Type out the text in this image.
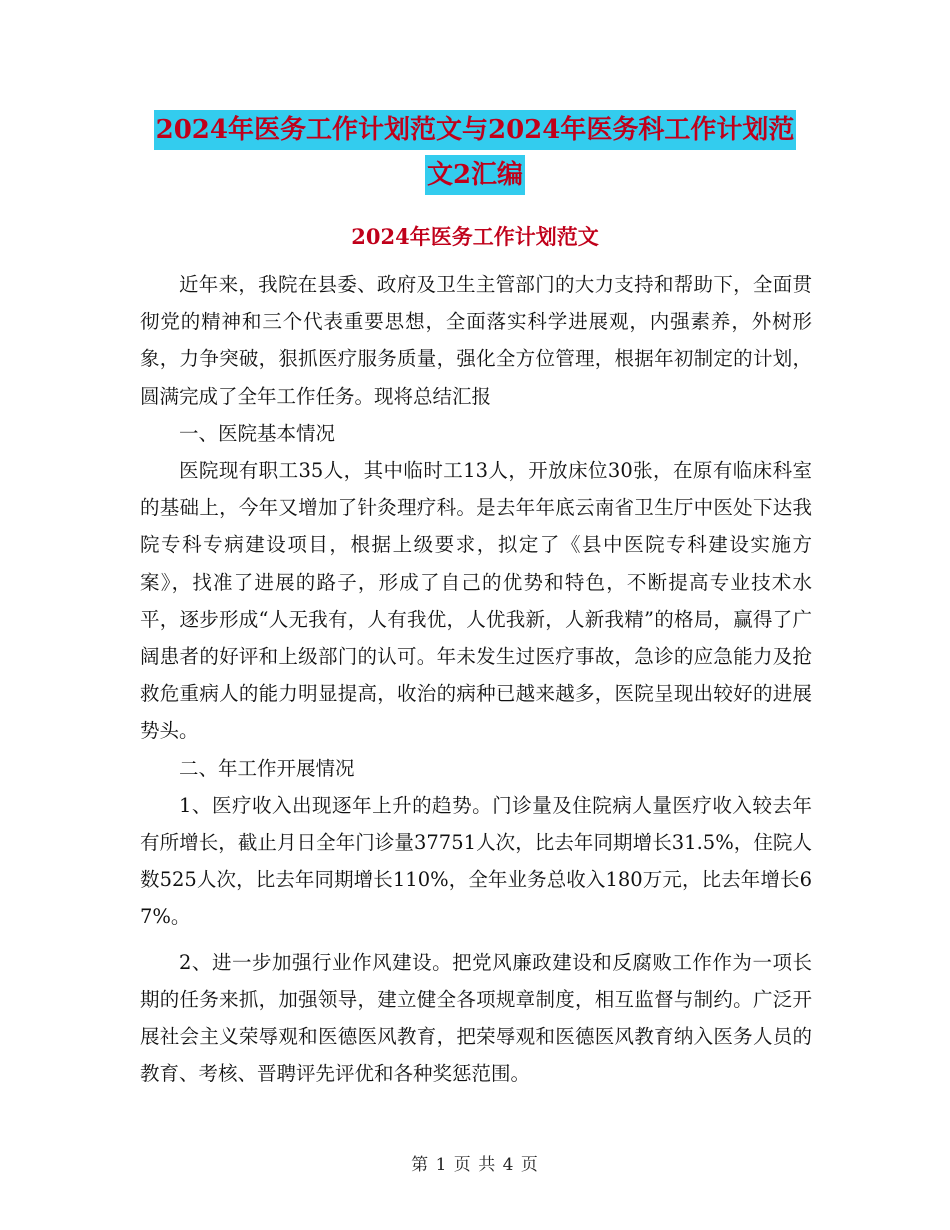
2024年医务工作计划范文与2024年医务科工作计划范
文2汇编
2024年医务工作计划范文

近年来，我院在县委、政府及卫生主管部门的大力支持和帮助下，全面贯彻党的精神和三个代表重要思想，全面落实科学进展观，内强素养，外树形象，力争突破，狠抓医疗服务质量，强化全方位管理，根据年初制定的计划，圆满完成了全年工作任务。现将总结汇报

一、医院基本情况

医院现有职工35人，其中临时工13人，开放床位30张，在原有临床科室的基础上，今年又增加了针灸理疗科。是去年年底云南省卫生厅中医处下达我院专科专病建设项目，根据上级要求，拟定了《县中医院专科建设实施方案》，找准了进展的路子，形成了自己的优势和特色，不断提高专业技术水平，逐步形成“人无我有，人有我优，人优我新，人新我精”的格局，赢得了广阔患者的好评和上级部门的认可。年未发生过医疗事故，急诊的应急能力及抢救危重病人的能力明显提高，收治的病种已越来越多，医院呈现出较好的进展势头。

二、年工作开展情况

1、医疗收入出现逐年上升的趋势。门诊量及住院病人量医疗收入较去年有所增长，截止月日全年门诊量37751人次，比去年同期增长31.5%，住院人数525人次，比去年同期增长110%，全年业务总收入180万元，比去年增长67%。

2、进一步加强行业作风建设。把党风廉政建设和反腐败工作作为一项长期的任务来抓，加强领导，建立健全各项规章制度，相互监督与制约。广泛开展社会主义荣辱观和医德医风教育，把荣辱观和医德医风教育纳入医务人员的教育、考核、晋聘评先评优和各种奖惩范围。

第 1 页 共 4 页
